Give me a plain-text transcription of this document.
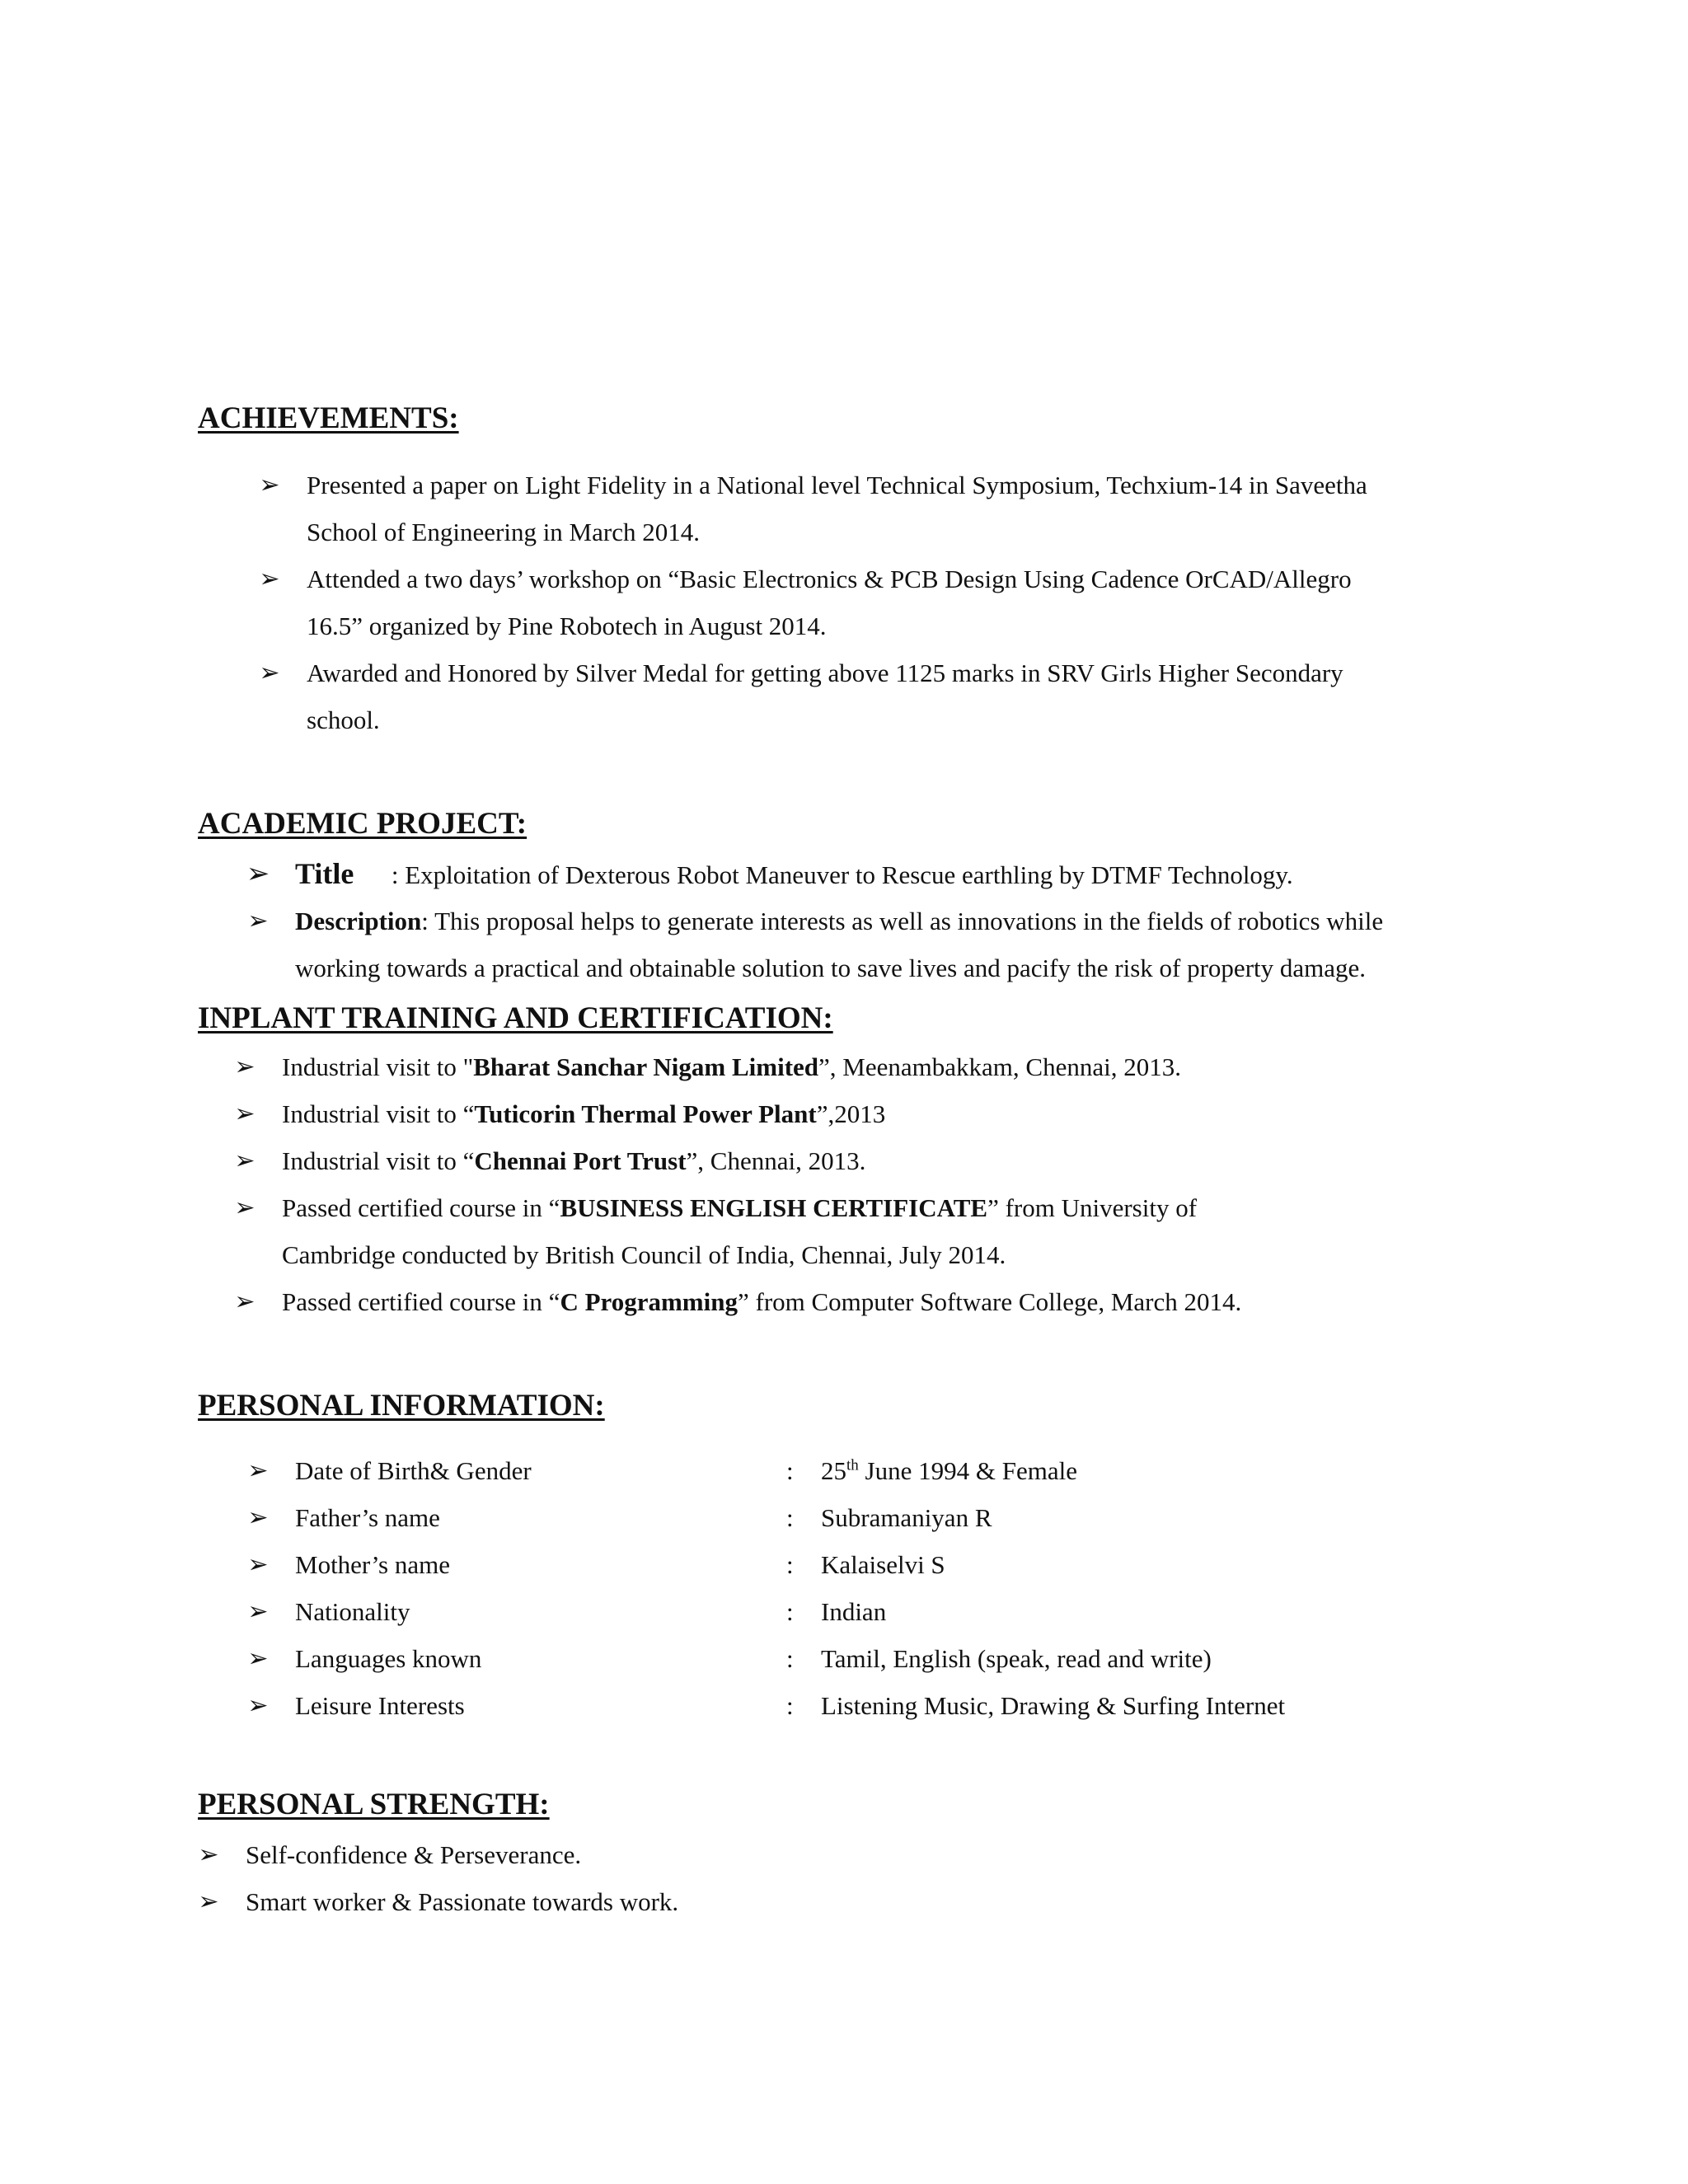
ACHIEVEMENTS:
➢ Presented a paper on Light Fidelity in a National level Technical Symposium, Techxium-14 in Saveetha
School of Engineering in March 2014.
➢ Attended a two days’ workshop on “Basic Electronics & PCB Design Using Cadence OrCAD/Allegro
16.5” organized by Pine Robotech in August 2014.
➢ Awarded and Honored by Silver Medal for getting above 1125 marks in SRV Girls Higher Secondary
school.
ACADEMIC PROJECT:
➢ Title : Exploitation of Dexterous Robot Maneuver to Rescue earthling by DTMF Technology.
➢ Description: This proposal helps to generate interests as well as innovations in the fields of robotics while
working towards a practical and obtainable solution to save lives and pacify the risk of property damage.
INPLANT TRAINING AND CERTIFICATION:
➢ Industrial visit to "Bharat Sanchar Nigam Limited”, Meenambakkam, Chennai, 2013.
➢ Industrial visit to “Tuticorin Thermal Power Plant”,2013
➢ Industrial visit to “Chennai Port Trust”, Chennai, 2013.
➢ Passed certified course in “BUSINESS ENGLISH CERTIFICATE” from University of
Cambridge conducted by British Council of India, Chennai, July 2014.
➢ Passed certified course in “C Programming” from Computer Software College, March 2014.
PERSONAL INFORMATION:
➢ Date of Birth& Gender	: 25th June 1994 & Female
➢ Father’s name	: Subramaniyan R
➢ Mother’s name	: Kalaiselvi S
➢ Nationality	: Indian
➢ Languages known	: Tamil, English (speak, read and write)
➢ Leisure Interests	: Listening Music, Drawing & Surfing Internet
PERSONAL STRENGTH:
➢ Self-confidence & Perseverance.
➢ Smart worker & Passionate towards work.
